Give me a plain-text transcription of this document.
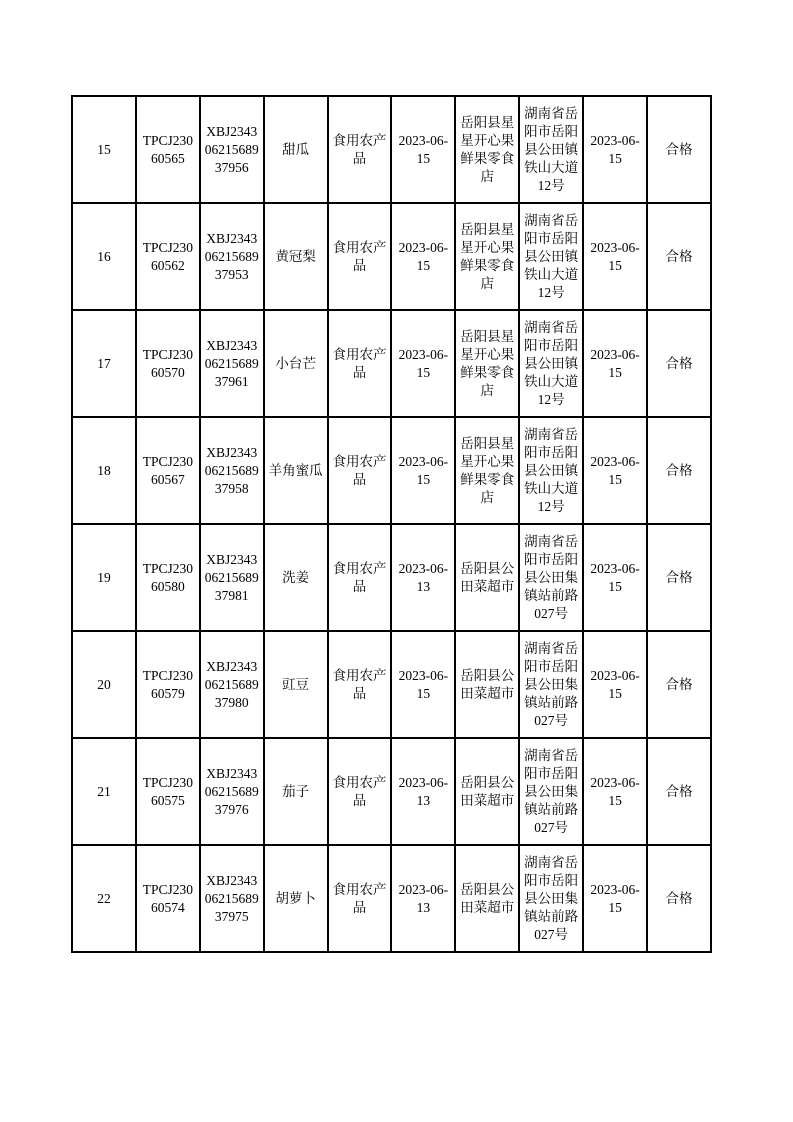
15	TPCJ23060565	XBJ23430621568937956	甜瓜	食用农产品	2023-06-15	岳阳县星星开心果鲜果零食店	湖南省岳阳市岳阳县公田镇铁山大道12号	2023-06-15	合格
16	TPCJ23060562	XBJ23430621568937953	黄冠梨	食用农产品	2023-06-15	岳阳县星星开心果鲜果零食店	湖南省岳阳市岳阳县公田镇铁山大道12号	2023-06-15	合格
17	TPCJ23060570	XBJ23430621568937961	小台芒	食用农产品	2023-06-15	岳阳县星星开心果鲜果零食店	湖南省岳阳市岳阳县公田镇铁山大道12号	2023-06-15	合格
18	TPCJ23060567	XBJ23430621568937958	羊角蜜瓜	食用农产品	2023-06-15	岳阳县星星开心果鲜果零食店	湖南省岳阳市岳阳县公田镇铁山大道12号	2023-06-15	合格
19	TPCJ23060580	XBJ23430621568937981	洗姜	食用农产品	2023-06-13	岳阳县公田菜超市	湖南省岳阳市岳阳县公田集镇站前路027号	2023-06-15	合格
20	TPCJ23060579	XBJ23430621568937980	豇豆	食用农产品	2023-06-15	岳阳县公田菜超市	湖南省岳阳市岳阳县公田集镇站前路027号	2023-06-15	合格
21	TPCJ23060575	XBJ23430621568937976	茄子	食用农产品	2023-06-13	岳阳县公田菜超市	湖南省岳阳市岳阳县公田集镇站前路027号	2023-06-15	合格
22	TPCJ23060574	XBJ23430621568937975	胡萝卜	食用农产品	2023-06-13	岳阳县公田菜超市	湖南省岳阳市岳阳县公田集镇站前路027号	2023-06-15	合格
